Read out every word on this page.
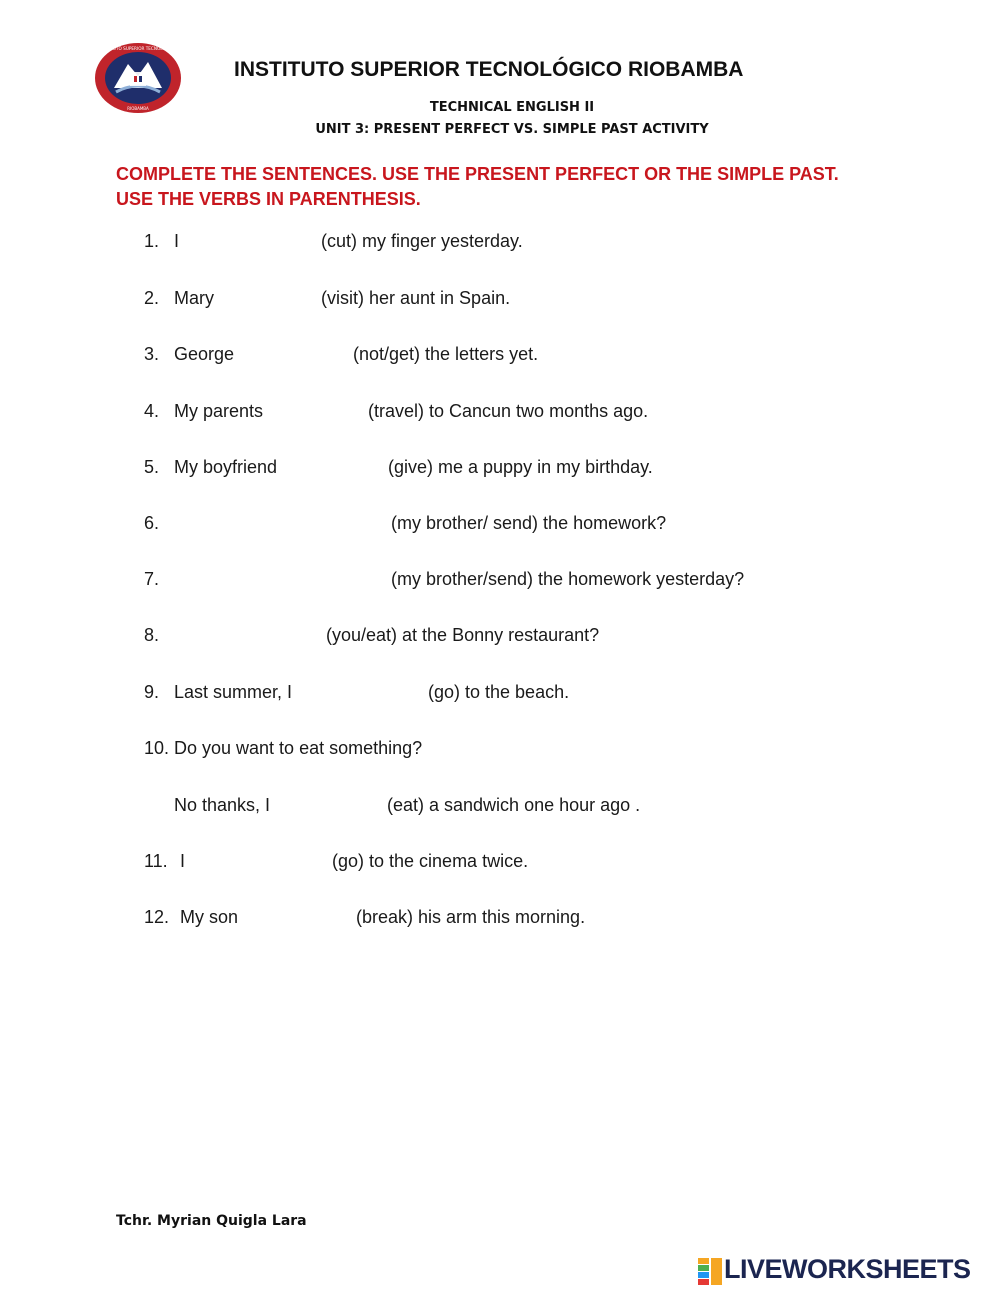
INSTITUTO SUPERIOR TECNOLÓGICO
RIOBAMBA
INSTITUTO SUPERIOR TECNOLÓGICO RIOBAMBA
TECHNICAL ENGLISH II
UNIT 3: PRESENT PERFECT VS. SIMPLE PAST ACTIVITY
COMPLETE THE SENTENCES. USE THE PRESENT PERFECT OR THE SIMPLE PAST.
USE THE VERBS IN PARENTHESIS.
1. I	(cut) my finger yesterday.
2. Mary	(visit) her aunt in Spain.
3. George	(not/get) the letters yet.
4. My parents	(travel) to Cancun two months ago.
5. My boyfriend	(give) me a puppy in my birthday.
6.	(my brother/ send) the homework?
7.	(my brother/send) the homework yesterday?
8.	(you/eat) at the Bonny restaurant?
9. Last summer, I	(go) to the beach.
10. Do you want to eat something?
No thanks, I	(eat) a sandwich one hour ago .
11. I	(go) to the cinema twice.
12. My son	(break) his arm this morning.
Tchr. Myrian Quigla Lara
LIVEWORKSHEETS
